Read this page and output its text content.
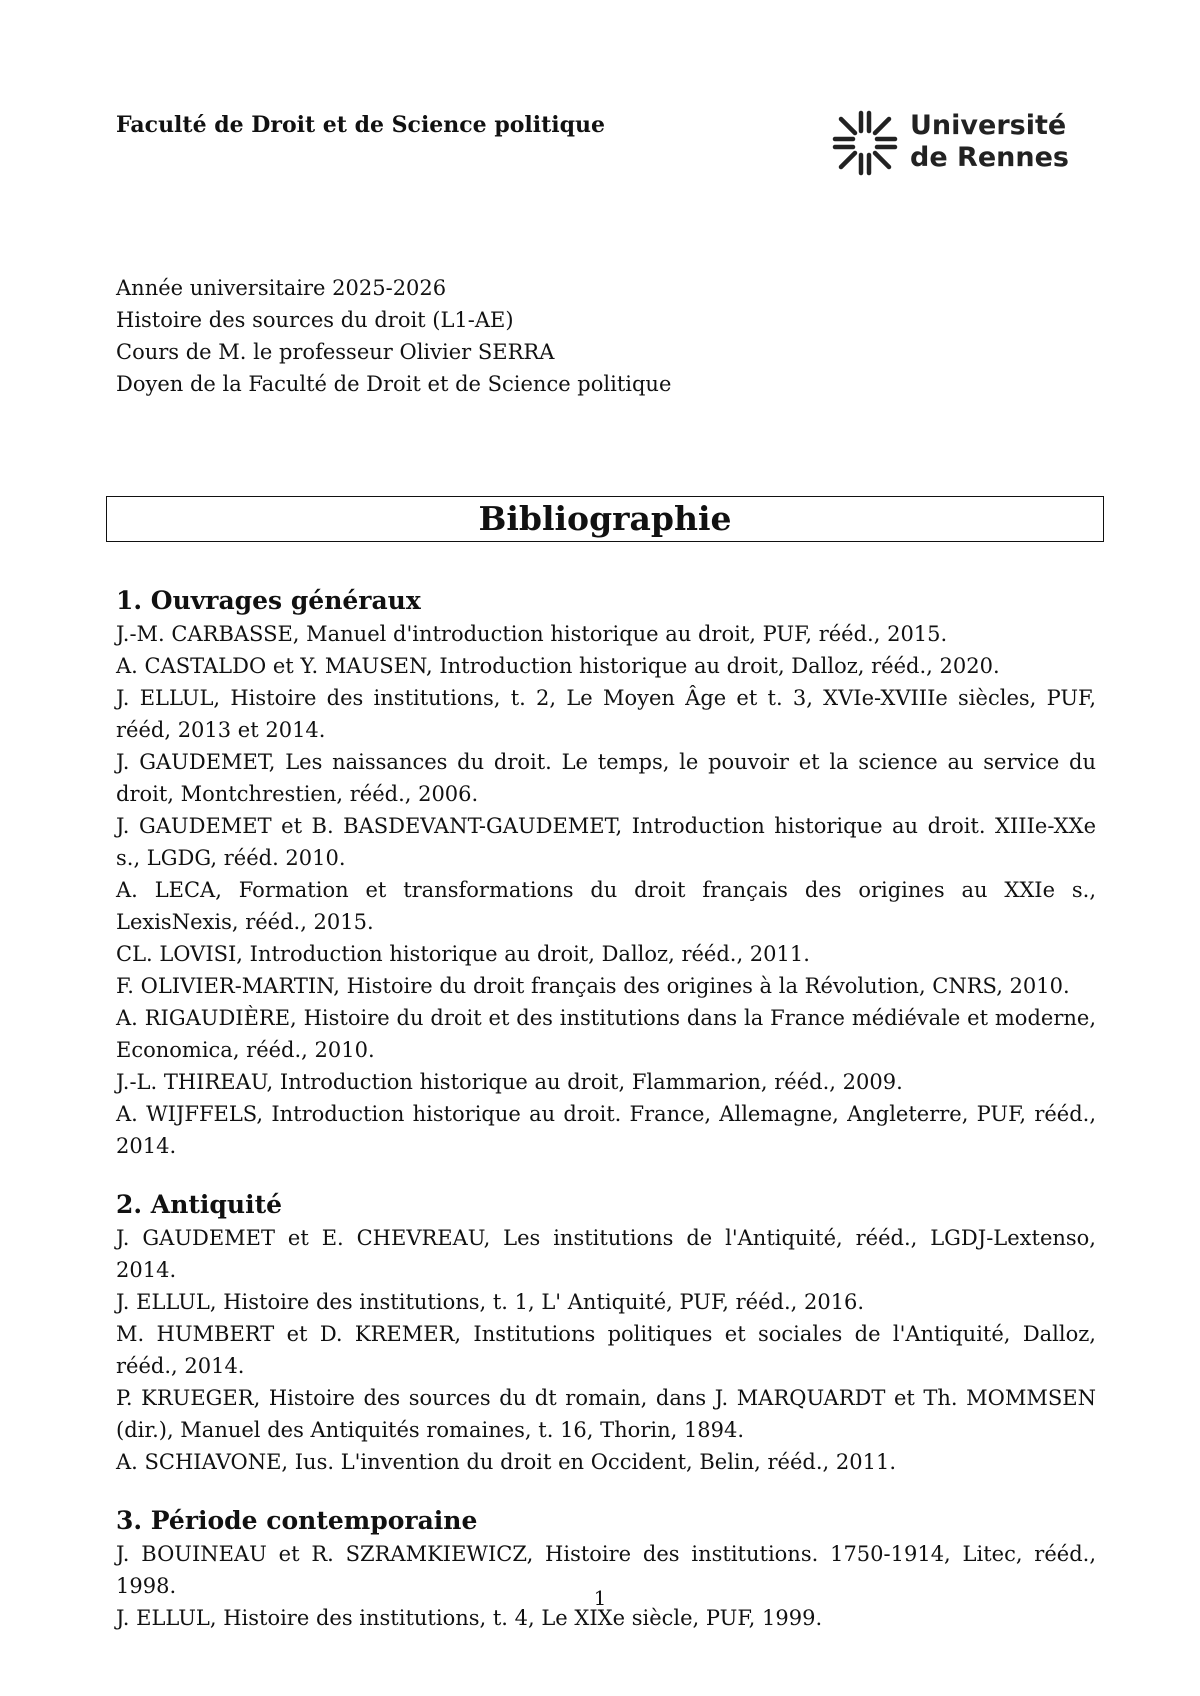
Faculté de Droit et de Science politique	Université
de Rennes
Année universitaire 2025-2026
Histoire des sources du droit (L1-AE)
Cours de M. le professeur Olivier SERRA
Doyen de la Faculté de Droit et de Science politique
Bibliographie
1. Ouvrages généraux
J.-M. CARBASSE, Manuel d'introduction historique au droit, PUF, rééd., 2015.
A. CASTALDO et Y. MAUSEN, Introduction historique au droit, Dalloz, rééd., 2020.
J. ELLUL, Histoire des institutions, t. 2, Le Moyen Âge et t. 3, XVIe-XVIIIe siècles, PUF, rééd, 2013 et 2014.
J. GAUDEMET, Les naissances du droit. Le temps, le pouvoir et la science au service du droit, Montchrestien, rééd., 2006.
J. GAUDEMET et B. BASDEVANT-GAUDEMET, Introduction historique au droit. XIIIe-XXe s., LGDG, rééd. 2010.
A. LECA, Formation et transformations du droit français des origines au XXIe s., LexisNexis, rééd., 2015.
CL. LOVISI, Introduction historique au droit, Dalloz, rééd., 2011.
F. OLIVIER-MARTIN, Histoire du droit français des origines à la Révolution, CNRS, 2010.
A. RIGAUDIÈRE, Histoire du droit et des institutions dans la France médiévale et moderne, Economica, rééd., 2010.
J.-L. THIREAU, Introduction historique au droit, Flammarion, rééd., 2009.
A. WIJFFELS, Introduction historique au droit. France, Allemagne, Angleterre, PUF, rééd., 2014.
2. Antiquité
J. GAUDEMET et E. CHEVREAU, Les institutions de l'Antiquité, rééd., LGDJ-Lextenso, 2014.
J. ELLUL, Histoire des institutions, t. 1, L' Antiquité, PUF, rééd., 2016.
M. HUMBERT et D. KREMER, Institutions politiques et sociales de l'Antiquité, Dalloz, rééd., 2014.
P. KRUEGER, Histoire des sources du dt romain, dans J. MARQUARDT et Th. MOMMSEN (dir.), Manuel des Antiquités romaines, t. 16, Thorin, 1894.
A. SCHIAVONE, Ius. L'invention du droit en Occident, Belin, rééd., 2011.
3. Période contemporaine
J. BOUINEAU et R. SZRAMKIEWICZ, Histoire des institutions. 1750-1914, Litec, rééd., 1998.
J. ELLUL, Histoire des institutions, t. 4, Le XIXe siècle, PUF, 1999.
1
